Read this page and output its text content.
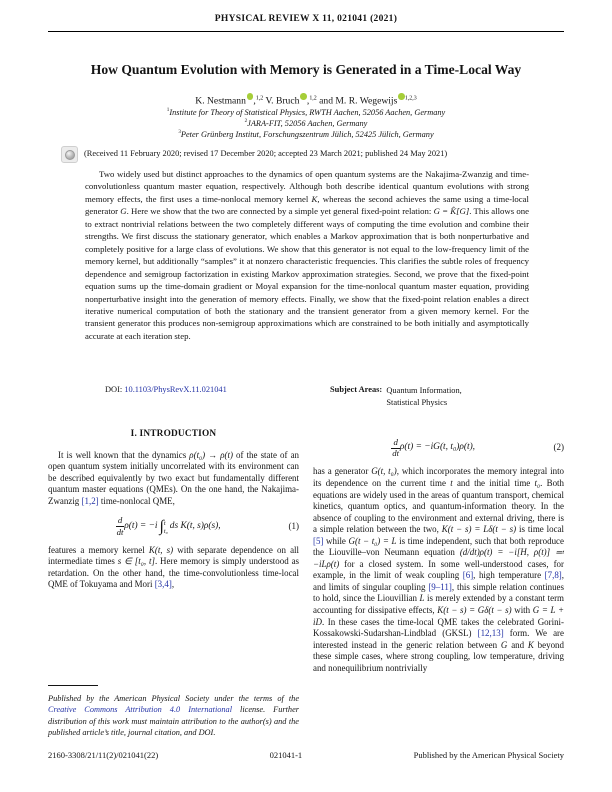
PHYSICAL REVIEW X 11, 021041 (2021)
How Quantum Evolution with Memory is Generated in a Time-Local Way
K. Nestmann ,$^{1,2}$ V. Bruch ,$^{1,2}$ and M. R. Wegewijs $^{1,2,3}$
$^1$Institute for Theory of Statistical Physics, RWTH Aachen, 52056 Aachen, Germany
$^2$JARA-FIT, 52056 Aachen, Germany
$^3$Peter Grünberg Institut, Forschungszentrum Jülich, 52425 Jülich, Germany
(Received 11 February 2020; revised 17 December 2020; accepted 23 March 2021; published 24 May 2021)
Two widely used but distinct approaches to the dynamics of open quantum systems are the Nakajima-Zwanzig and time-convolutionless quantum master equation, respectively. Although both describe identical quantum evolutions with strong memory effects, the first uses a time-nonlocal memory kernel K, whereas the second achieves the same using a time-local generator G. Here we show that the two are connected by a simple yet general fixed-point relation: G = K̂[G]. This allows one to extract nontrivial relations between the two completely different ways of computing the time evolution and combine their strengths. We first discuss the stationary generator, which enables a Markov approximation that is both nonperturbative and completely positive for a large class of evolutions. We show that this generator is not equal to the low-frequency limit of the memory kernel, but additionally “samples” it at nonzero characteristic frequencies. This clarifies the subtle roles of frequency dependence and semigroup factorization in existing Markov approximation strategies. Second, we prove that the fixed-point equation sums up the time-domain gradient or Moyal expansion for the time-nonlocal quantum master equation, providing nonperturbative insight into the generation of memory effects. Finally, we show that the fixed-point relation enables a direct iterative numerical computation of both the stationary and the transient generator from a given memory kernel. For the transient generator this produces non-semigroup approximations which are constrained to be both initially and asymptotically accurate at each iteration step.
DOI: 10.1103/PhysRevX.11.021041	Subject Areas: Quantum Information,
Statistical Physics
I. INTRODUCTION

It is well known that the dynamics ρ(t₀) → ρ(t) of the state of an open quantum system initially uncorrelated with its environment can be described equivalently by two exact but fundamentally different quantum master equations (QMEs). On the one hand, the Nakajima-Zwanzig [1,2] time-nonlocal QME,

$\frac{d}{dt} \rho(t) = -i$ ∫ t
t₀
ds K(t, s)ρ(s),	(1)

features a memory kernel K(t, s) with separate dependence on all intermediate times s ∈ [t₀, t]. Here memory is simply understood as retardation. On the other hand, the time-convolutionless time-local QME of Tokuyama and Mori [3,4],

Published by the American Physical Society under the terms of the Creative Commons Attribution 4.0 International license. Further distribution of this work must maintain attribution to the author(s) and the published article’s title, journal citation, and DOI.
$\frac{d}{dt} \rho(t) = -iG(t$, t₀)ρ(t),	(2)

has a generator G(t, t₀), which incorporates the memory integral into its dependence on the current time t and the initial time t₀. Both equations are widely used in the areas of quantum transport, chemical kinetics, quantum optics, and quantum-information theory. In the absence of coupling to the environment and external driving, there is a simple relation between the two, K(t − s) = Lδ(t − s) is time local [5] while G(t − t₀) = L is time independent, such that both reproduce the Liouville–von Neumann equation (d/dt)ρ(t) = −i[H, ρ(t)] ≕ −iLρ(t) for a closed system. In some well-understood cases, for example, in the limit of weak coupling [6], high temperature [7,8], and limits of singular coupling [9–11], this simple relation continues to hold, since the Liouvillian L is merely extended by a constant term accounting for dissipative effects, K(t − s) = Gδ(t − s) with G = L + iD. In these cases the time-local QME takes the celebrated Gorini-Kossakowski-Sudarshan-Lindblad (GKSL) [12,13] form. We are interested instead in the generic relation between G and K beyond these simple cases, where strong coupling, low temperature, driving and nonequilibrium nontrivially

2160-3308/21/11(2)/021041(22)	021041-1	Published by the American Physical Society
